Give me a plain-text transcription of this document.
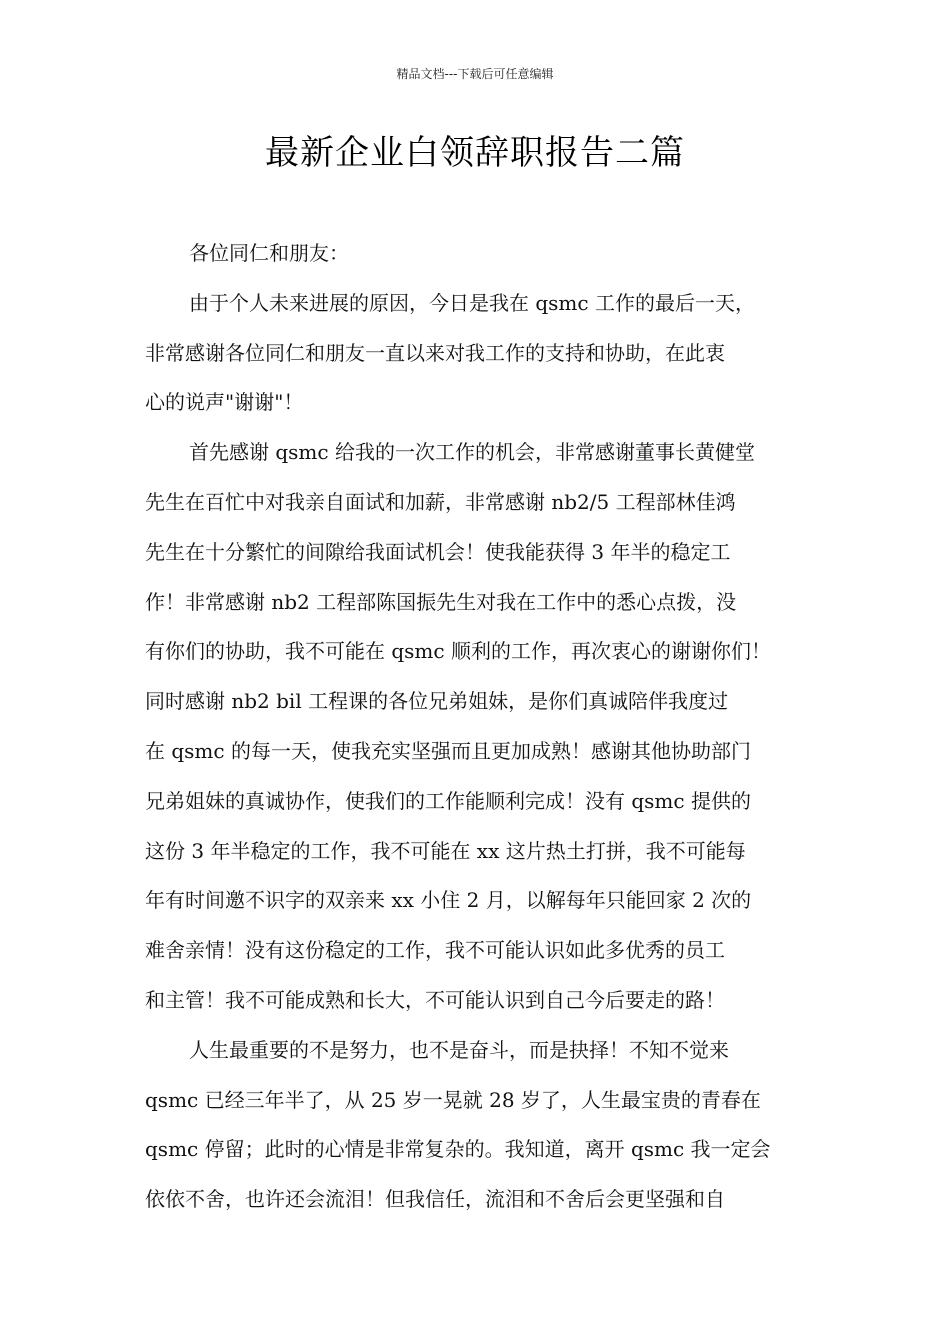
精品文档---下载后可任意编辑
最新企业白领辞职报告二篇
各位同仁和朋友：
由于个人未来进展的原因，今日是我在 qsmc 工作的最后一天，
非常感谢各位同仁和朋友一直以来对我工作的支持和协助，在此衷
心的说声"谢谢"！
首先感谢 qsmc 给我的一次工作的机会，非常感谢董事长黄健堂
先生在百忙中对我亲自面试和加薪，非常感谢 nb2/5 工程部林佳鸿
先生在十分繁忙的间隙给我面试机会！使我能获得 3 年半的稳定工
作！非常感谢 nb2 工程部陈国振先生对我在工作中的悉心点拨，没
有你们的协助，我不可能在 qsmc 顺利的工作，再次衷心的谢谢你们！
同时感谢 nb2 bil 工程课的各位兄弟姐妹，是你们真诚陪伴我度过
在 qsmc 的每一天，使我充实坚强而且更加成熟！感谢其他协助部门
兄弟姐妹的真诚协作，使我们的工作能顺利完成！没有 qsmc 提供的
这份 3 年半稳定的工作，我不可能在 xx 这片热土打拼，我不可能每
年有时间邀不识字的双亲来 xx 小住 2 月，以解每年只能回家 2 次的
难舍亲情！没有这份稳定的工作，我不可能认识如此多优秀的员工
和主管！我不可能成熟和长大，不可能认识到自己今后要走的路！
人生最重要的不是努力，也不是奋斗，而是抉择！不知不觉来
qsmc 已经三年半了，从 25 岁一晃就 28 岁了，人生最宝贵的青春在
qsmc 停留；此时的心情是非常复杂的。我知道，离开 qsmc 我一定会
依依不舍，也许还会流泪！但我信任，流泪和不舍后会更坚强和自
